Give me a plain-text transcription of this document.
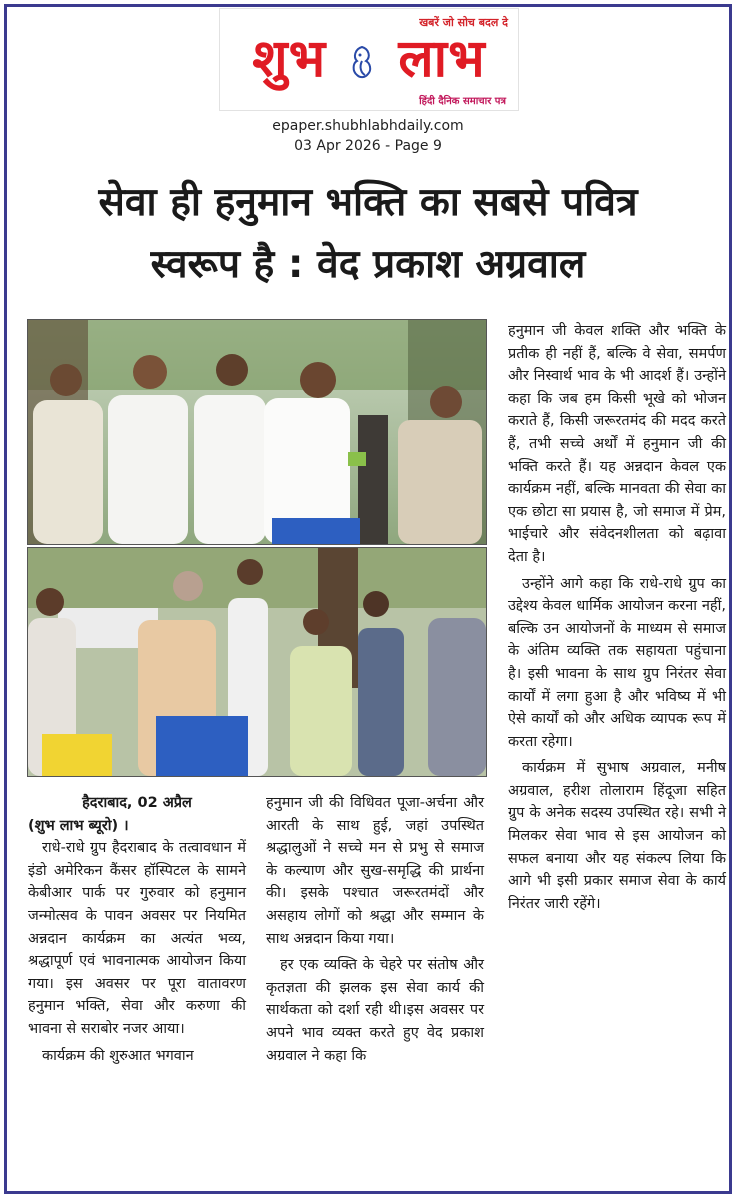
खबरें जो सोच बदल दे
शुभ लाभ
हिंदी दैनिक समाचार पत्र
epaper.shubhlabhdaily.com
03 Apr 2026 - Page 9
सेवा ही हनुमान भक्ति का सबसे पवित्र
स्वरूप है : वेद प्रकाश अग्रवाल

हैदराबाद, 02 अप्रैल

(शुभ लाभ ब्यूरो) ।

राधे-राधे ग्रुप हैदराबाद के तत्वावधान में इंडो अमेरिकन कैंसर हॉस्पिटल के सामने केबीआर पार्क पर गुरुवार को हनुमान जन्मोत्सव के पावन अवसर पर नियमित अन्नदान कार्यक्रम का अत्यंत भव्य, श्रद्धापूर्ण एवं भावनात्मक आयोजन किया गया। इस अवसर पर पूरा वातावरण हनुमान भक्ति, सेवा और करुणा की भावना से सराबोर नजर आया।

कार्यक्रम की शुरुआत भगवान

हनुमान जी की विधिवत पूजा-अर्चना और आरती के साथ हुई, जहां उपस्थित श्रद्धालुओं ने सच्चे मन से प्रभु से समाज के कल्याण और सुख-समृद्धि की प्रार्थना की। इसके पश्चात जरूरतमंदों और असहाय लोगों को श्रद्धा और सम्मान के साथ अन्नदान किया गया।

हर एक व्यक्ति के चेहरे पर संतोष और कृतज्ञता की झलक इस सेवा कार्य की सार्थकता को दर्शा रही थी।इस अवसर पर अपने भाव व्यक्त करते हुए वेद प्रकाश अग्रवाल ने कहा कि

हनुमान जी केवल शक्ति और भक्ति के प्रतीक ही नहीं हैं, बल्कि वे सेवा, समर्पण और निस्वार्थ भाव के भी आदर्श हैं। उन्होंने कहा कि जब हम किसी भूखे को भोजन कराते हैं, किसी जरूरतमंद की मदद करते हैं, तभी सच्चे अर्थों में हनुमान जी की भक्ति करते हैं। यह अन्नदान केवल एक कार्यक्रम नहीं, बल्कि मानवता की सेवा का एक छोटा सा प्रयास है, जो समाज में प्रेम, भाईचारे और संवेदनशीलता को बढ़ावा देता है।

उन्होंने आगे कहा कि राधे-राधे ग्रुप का उद्देश्य केवल धार्मिक आयोजन करना नहीं, बल्कि उन आयोजनों के माध्यम से समाज के अंतिम व्यक्ति तक सहायता पहुंचाना है। इसी भावना के साथ ग्रुप निरंतर सेवा कार्यों में लगा हुआ है और भविष्य में भी ऐसे कार्यों को और अधिक व्यापक रूप में करता रहेगा।

कार्यक्रम में सुभाष अग्रवाल, मनीष अग्रवाल, हरीश तोलाराम हिंदूजा सहित ग्रुप के अनेक सदस्य उपस्थित रहे। सभी ने मिलकर सेवा भाव से इस आयोजन को सफल बनाया और यह संकल्प लिया कि आगे भी इसी प्रकार समाज सेवा के कार्य निरंतर जारी रहेंगे।
